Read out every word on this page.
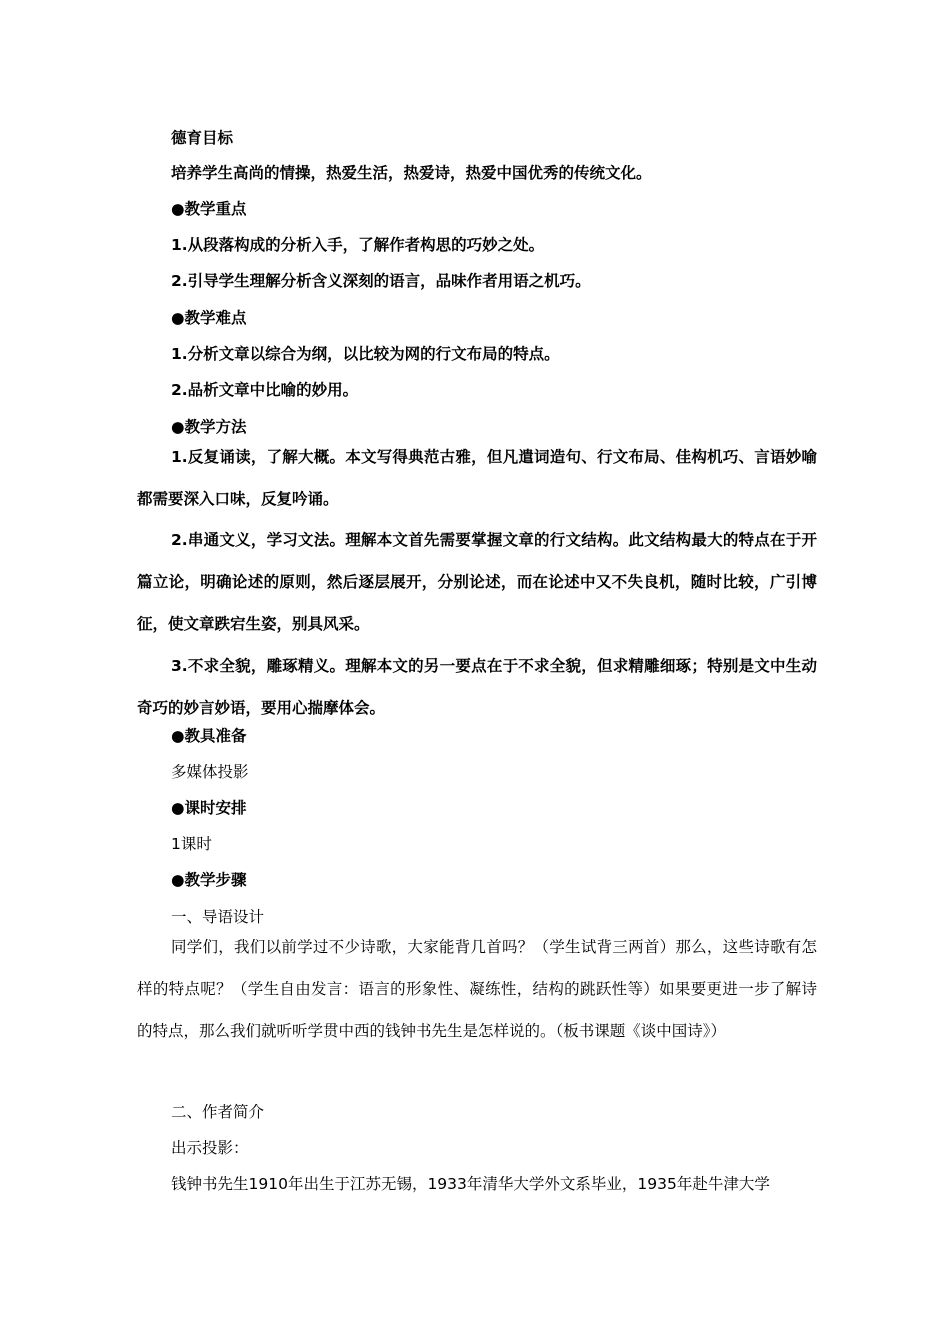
德育目标

培养学生高尚的情操，热爱生活，热爱诗，热爱中国优秀的传统文化。

●教学重点

1.从段落构成的分析入手，了解作者构思的巧妙之处。

2.引导学生理解分析含义深刻的语言，品味作者用语之机巧。

●教学难点

1.分析文章以综合为纲，以比较为网的行文布局的特点。

2.品析文章中比喻的妙用。

●教学方法

1.反复诵读，了解大概。本文写得典范古雅，但凡遣词造句、行文布局、佳构机巧、言语妙喻都需要深入口味，反复吟诵。

2.串通文义，学习文法。理解本文首先需要掌握文章的行文结构。此文结构最大的特点在于开篇立论，明确论述的原则，然后逐层展开，分别论述，而在论述中又不失良机，随时比较，广引博征，使文章跌宕生姿，别具风采。

3.不求全貌，雕琢精义。理解本文的另一要点在于不求全貌，但求精雕细琢；特别是文中生动奇巧的妙言妙语，要用心揣摩体会。

●教具准备

多媒体投影

●课时安排

1课时

●教学步骤

一、导语设计

同学们，我们以前学过不少诗歌，大家能背几首吗？（学生试背三两首）那么，这些诗歌有怎样的特点呢？（学生自由发言：语言的形象性、凝练性，结构的跳跃性等）如果要更进一步了解诗的特点，那么我们就听听学贯中西的钱钟书先生是怎样说的。（板书课题《谈中国诗》）

二、作者简介

出示投影：

钱钟书先生1910年出生于江苏无锡，1933年清华大学外文系毕业，1935年赴牛津大学
